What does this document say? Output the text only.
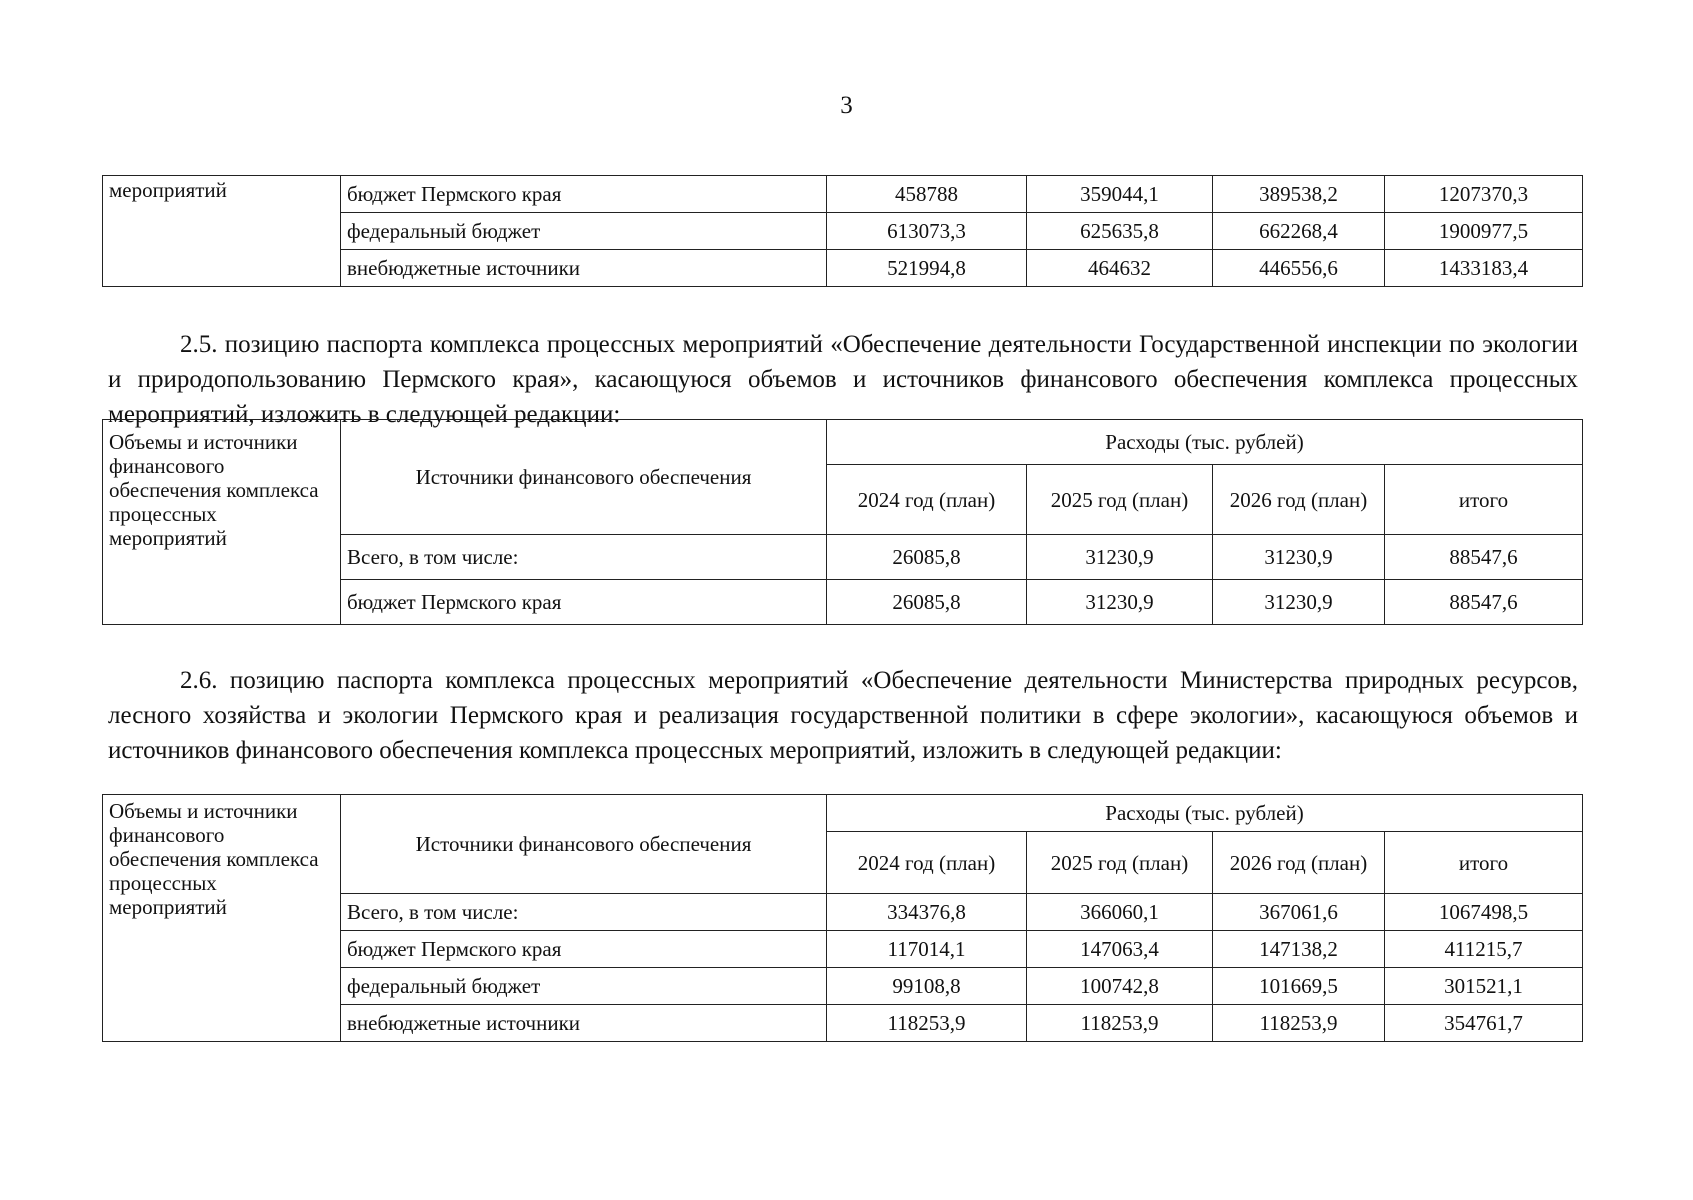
3
мероприятий	бюджет Пермского края	458788	359044,1	389538,2	1207370,3
	федеральный бюджет	613073,3	625635,8	662268,4	1900977,5
	внебюджетные источники	521994,8	464632	446556,6	1433183,4

2.5. позицию паспорта комплекса процессных мероприятий «Обеспечение деятельности Государственной инспекции по экологии и природопользованию Пермского края», касающуюся объемов и источников финансового обеспечения комплекса процессных мероприятий, изложить в следующей редакции:

Объемы и источники финансового обеспечения комплекса процессных мероприятий	Источники финансового обеспечения	Расходы (тыс. рублей)			
		2024 год (план)	2025 год (план)	2026 год (план)	итого
	Всего, в том числе:	26085,8	31230,9	31230,9	88547,6
	бюджет Пермского края	26085,8	31230,9	31230,9	88547,6

2.6. позицию паспорта комплекса процессных мероприятий «Обеспечение деятельности Министерства природных ресурсов, лесного хозяйства и экологии Пермского края и реализация государственной политики в сфере экологии», касающуюся объемов и источников финансового обеспечения комплекса процессных мероприятий, изложить в следующей редакции:

Объемы и источники финансового обеспечения комплекса процессных мероприятий	Источники финансового обеспечения	Расходы (тыс. рублей)			
		2024 год (план)	2025 год (план)	2026 год (план)	итого
	Всего, в том числе:	334376,8	366060,1	367061,6	1067498,5
	бюджет Пермского края	117014,1	147063,4	147138,2	411215,7
	федеральный бюджет	99108,8	100742,8	101669,5	301521,1
	внебюджетные источники	118253,9	118253,9	118253,9	354761,7
